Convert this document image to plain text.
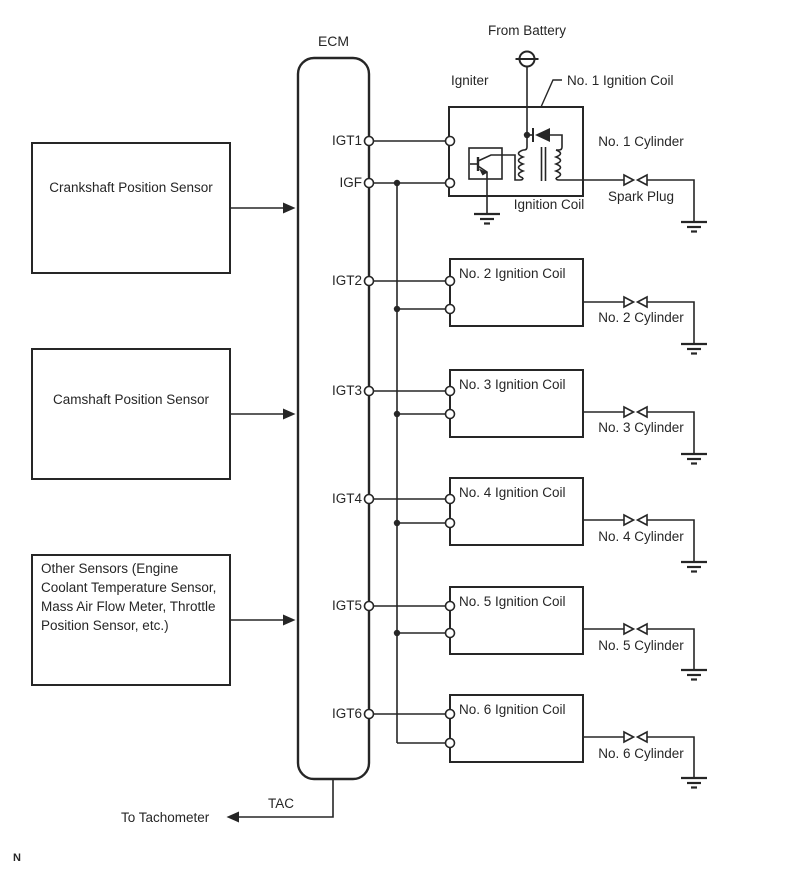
ECM
IGT1
IGF
IGT2
IGT3
IGT4
IGT5
IGT6
TAC
To Tachometer
Crankshaft Position Sensor
Camshaft Position Sensor
Other Sensors (Engine
Coolant Temperature Sensor,
Mass Air Flow Meter, Throttle
Position Sensor, etc.)
From Battery
Igniter	No. 1 Ignition Coil
No. 1 Cylinder
Spark Plug
Ignition Coil
No. 2 Ignition Coil
No. 3 Ignition Coil
No. 4 Ignition Coil
No. 5 Ignition Coil
No. 6 Ignition Coil
No. 2 Cylinder
No. 3 Cylinder
No. 4 Cylinder
No. 5 Cylinder
No. 6 Cylinder
N
